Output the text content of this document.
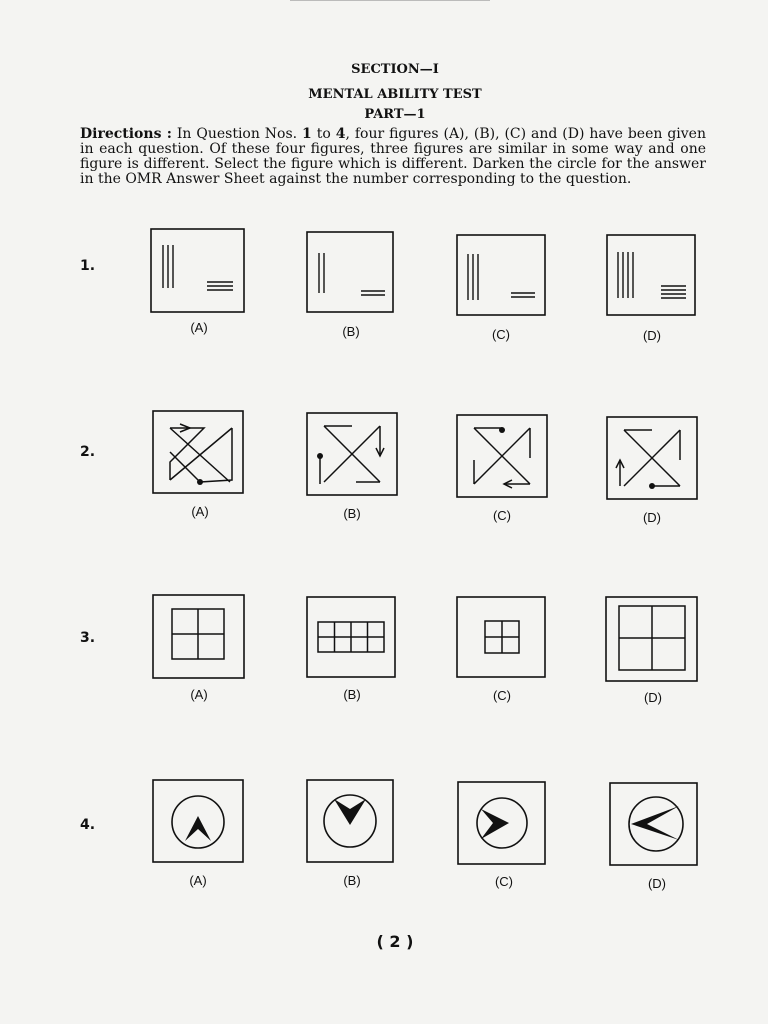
SECTION—I
MENTAL ABILITY TEST
PART—1
Directions : In Question Nos. 1 to 4, four figures (A), (B), (C) and (D) have been given in each question. Of these four figures, three figures are similar in some way and one figure is different. Select the figure which is different. Darken the circle for the answer in the OMR Answer Sheet against the number corresponding to the question.
1.
(A)	(B)	(C)	(D)
2.
(A)	(B)	(C)	(D)
3.
(A)	(B)	(C)	(D)
4.
(A)	(B)	(C)	(D)
( 2 )
